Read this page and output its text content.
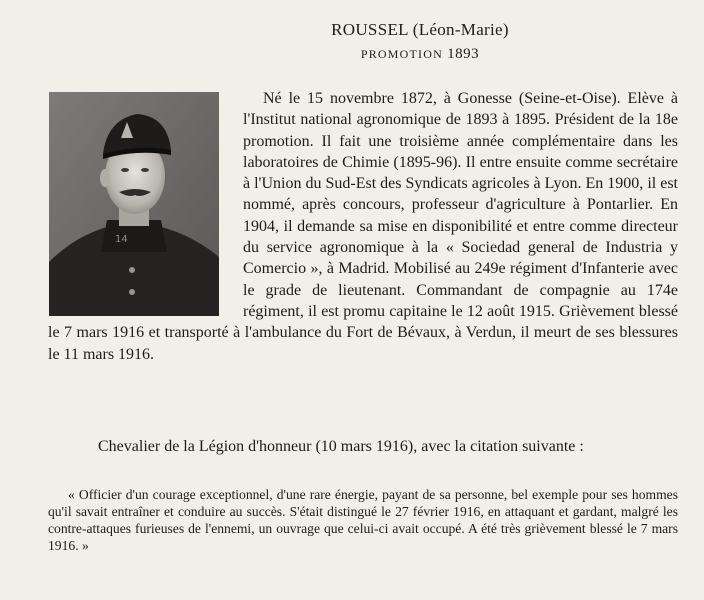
ROUSSEL (Léon-Marie)
PROMOTION 1893
14
Né le 15 novembre 1872, à Gonesse (Seine-et-Oise). Elève à l'Institut national agronomique de 1893 à 1895. Président de la 18e promotion. Il fait une troisième année complémentaire dans les laboratoires de Chimie (1895-96). Il entre ensuite comme secrétaire à l'Union du Sud-Est des Syndicats agricoles à Lyon. En 1900, il est nommé, après concours, professeur d'agriculture à Pontarlier. En 1904, il demande sa mise en disponibilité et entre comme directeur du service agronomique à la « Sociedad general de Industria y Comercio », à Madrid. Mobilisé au 249e régiment d'Infanterie avec le grade de lieutenant. Commandant de compagnie au 174e régiment, il est promu capitaine le 12 août 1915. Grièvement blessé le 7 mars 1916 et transporté à l'ambulance du Fort de Bévaux, à Verdun, il meurt de ses blessures le 11 mars 1916.
Chevalier de la Légion d'honneur (10 mars 1916), avec la citation suivante :
« Officier d'un courage exceptionnel, d'une rare énergie, payant de sa personne, bel exemple pour ses hommes qu'il savait entraîner et conduire au succès. S'était distingué le 27 février 1916, en attaquant et gardant, malgré les contre-attaques furieuses de l'ennemi, un ouvrage que celui-ci avait occupé. A été très grièvement blessé le 7 mars 1916. »
